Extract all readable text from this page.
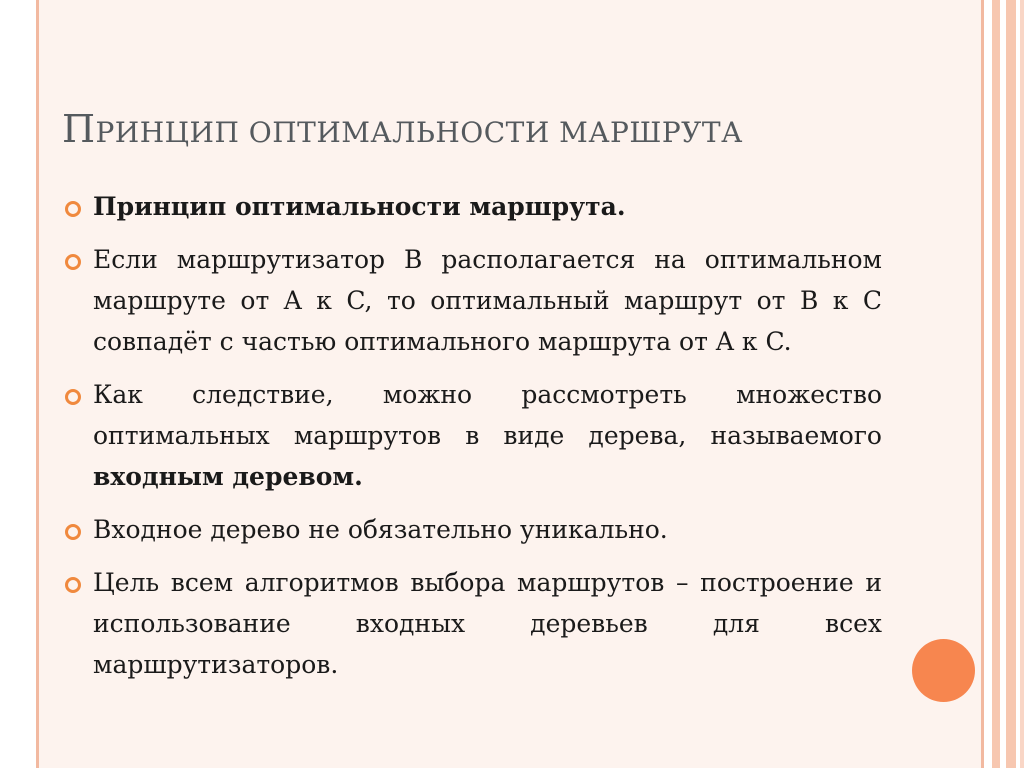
ПРИНЦИП ОПТИМАЛЬНОСТИ МАРШРУТА
Принцип оптимальности маршрута.
Если маршрутизатор B располагается на оптимальном маршруте от A к C, то оптимальный маршрут от B к C совпадёт с частью оптимального маршрута от A к C.
Как следствие, можно рассмотреть множество оптимальных маршрутов в виде дерева, называемого входным деревом.
Входное дерево не обязательно уникально.
Цель всем алгоритмов выбора маршрутов – построение и использование входных деревьев для всех маршрутизаторов.
